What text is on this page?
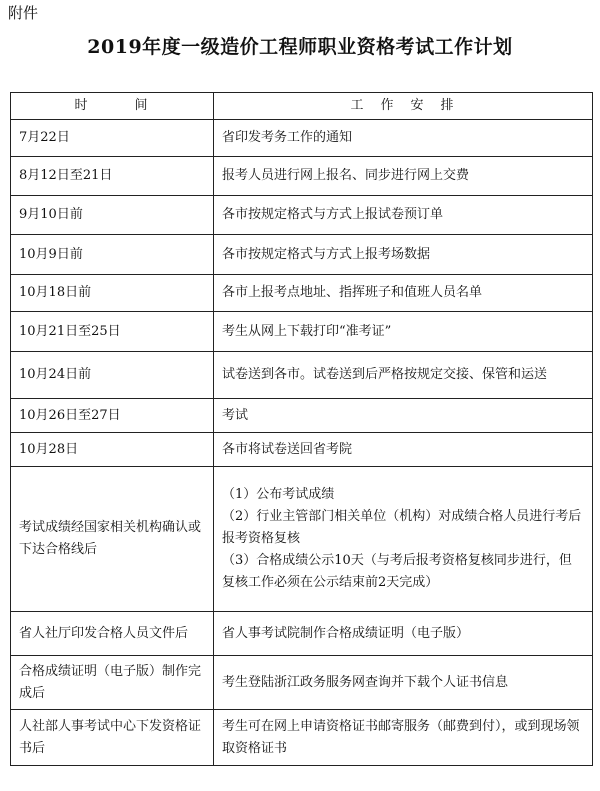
附件
2019年度一级造价工程师职业资格考试工作计划
时　　　间	工　作　安　排
7月22日	省印发考务工作的通知
8月12日至21日	报考人员进行网上报名、同步进行网上交费
9月10日前	各市按规定格式与方式上报试卷预订单
10月9日前	各市按规定格式与方式上报考场数据
10月18日前	各市上报考点地址、指挥班子和值班人员名单
10月21日至25日	考生从网上下载打印“准考证”
10月24日前	试卷送到各市。试卷送到后严格按规定交接、保管和运送
10月26日至27日	考试
10月28日	各市将试卷送回省考院
考试成绩经国家相关机构确认或下达合格线后	（1）公布考试成绩
（2）行业主管部门相关单位（机构）对成绩合格人员进行考后报考资格复核
（3）合格成绩公示10天（与考后报考资格复核同步进行，但复核工作必须在公示结束前2天完成）

省人社厅印发合格人员文件后	省人事考试院制作合格成绩证明（电子版）
合格成绩证明（电子版）制作完成后	考生登陆浙江政务服务网查询并下载个人证书信息
人社部人事考试中心下发资格证书后	考生可在网上申请资格证书邮寄服务（邮费到付），或到现场领取资格证书
